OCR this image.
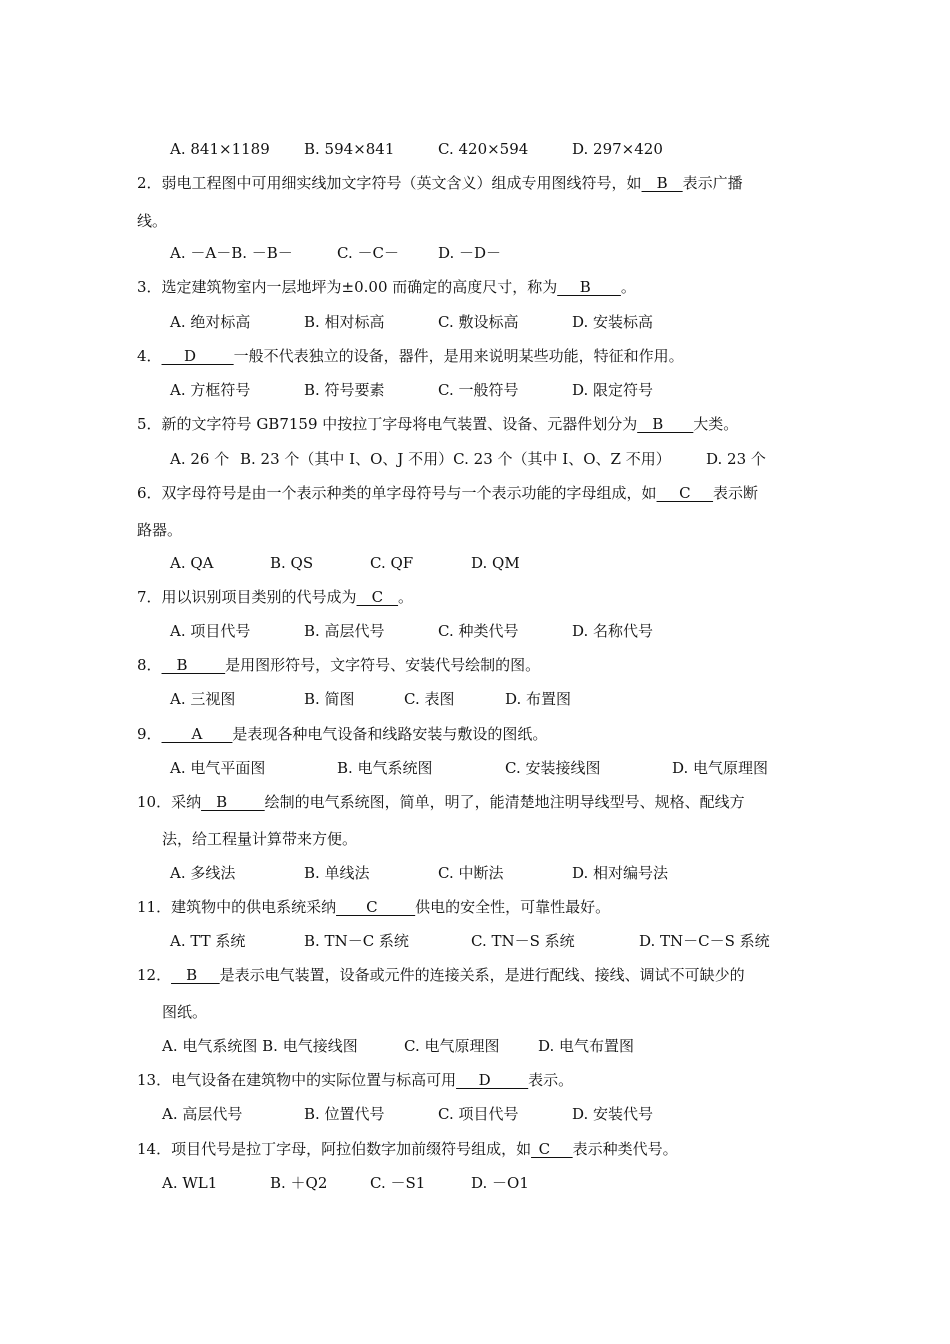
A. 841×1189 B. 594×841	C. 420×594	D. 297×420
2．弱电工程图中可用细实线加文字符号（英文含义）组成专用图线符号，如__B__表示广播
线。
A. －A－B. －B－	C. －C－	D. －D－
3．选定建筑物室内一层地坪为±0.00 而确定的高度尺寸，称为___B____。
A. 绝对标高	B. 相对标高	C. 敷设标高	D. 安装标高
4．___D_____一般不代表独立的设备，器件，是用来说明某些功能，特征和作用。
A. 方框符号	B. 符号要素	C. 一般符号	D. 限定符号
5．新的文字符号 GB7159 中按拉丁字母将电气装置、设备、元器件划分为__B____大类。
A. 26 个 B. 23 个（其中 I、O、J 不用）C. 23 个（其中 I、O、Z 不用） D. 23 个
6．双字母符号是由一个表示种类的单字母符号与一个表示功能的字母组成，如___C___表示断
路器。
A. QA	B. QS	C. QF	D. QM
7．用以识别项目类别的代号成为__C__。
A. 项目代号	B. 高层代号	C. 种类代号	D. 名称代号
8．__B_____是用图形符号，文字符号、安装代号绘制的图。
A. 三视图	B. 简图	C. 表图	D. 布置图
9．____A____是表现各种电气设备和线路安装与敷设的图纸。
A. 电气平面图	B. 电气系统图	C. 安装接线图	D. 电气原理图
10．采纳__B_____绘制的电气系统图，简单，明了，能清楚地注明导线型号、规格、配线方
法，给工程量计算带来方便。
A. 多线法	B. 单线法	C. 中断法	D. 相对编号法
11．建筑物中的供电系统采纳____C_____供电的安全性，可靠性最好。
A. TT 系统	B. TN－C 系统	C. TN－S 系统	D. TN－C－S 系统
12．__B___是表示电气装置，设备或元件的连接关系，是进行配线、接线、调试不可缺少的
图纸。
A. 电气系统图 B. 电气接线图	C. 电气原理图	D. 电气布置图
13．电气设备在建筑物中的实际位置与标高可用___D_____表示。
A. 高层代号	B. 位置代号	C. 项目代号	D. 安装代号
14．项目代号是拉丁字母，阿拉伯数字加前缀符号组成，如_C___表示种类代号。
A. WL1	B. ＋Q2	C. －S1	D. －O1
